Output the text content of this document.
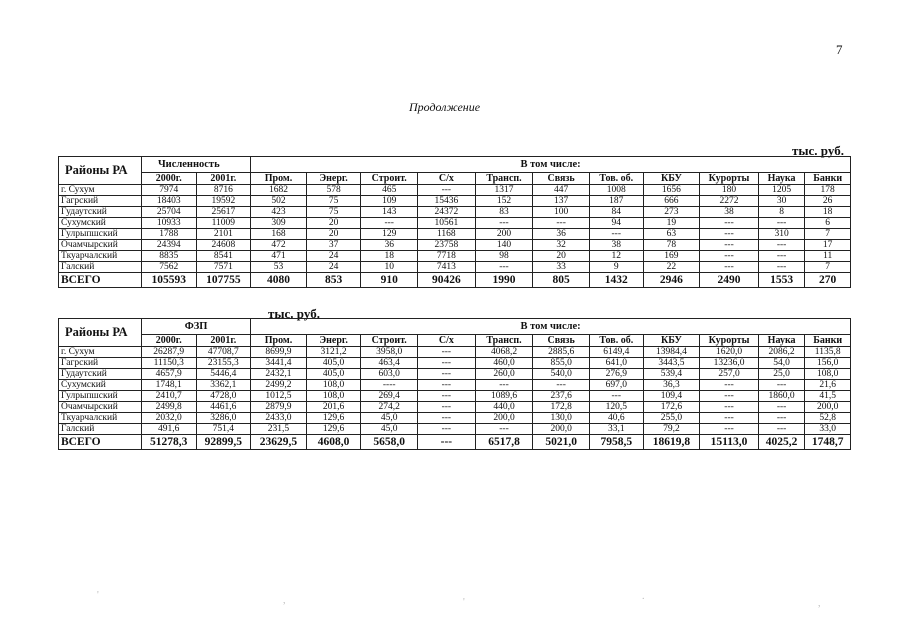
7
Продолжение
тыс. руб.
тыс. руб.
'	,	'
.
,
Районы РА	Численность		В том числе:										
	2000г.	2001г.	Пром.	Энерг.	Строит.	С/х	Трансп.	Связь	Тов. об.	КБУ	Курорты	Наука	Банки
г. Сухум	7974	8716	1682	578	465	---	1317	447	1008	1656	180	1205	178
Гагрский	18403	19592	502	75	109	15436	152	137	187	666	2272	30	26
Гудаутский	25704	25617	423	75	143	24372	83	100	84	273	38	8	18
Сухумский	10933	11009	309	20	---	10561	---	---	94	19	---	---	6
Гулрыпшский	1788	2101	168	20	129	1168	200	36	---	63	---	310	7
Очамчырский	24394	24608	472	37	36	23758	140	32	38	78	---	---	17
Ткуарчалский	8835	8541	471	24	18	7718	98	20	12	169	---	---	11
Галский	7562	7571	53	24	10	7413	---	33	9	22	---	---	7
ВСЕГО	105593	107755	4080	853	910	90426	1990	805	1432	2946	2490	1553	270
Районы РА	ФЗП		В том числе:										
	2000г.	2001г.	Пром.	Энерг.	Строит.	С/х	Трансп.	Связь	Тов. об.	КБУ	Курорты	Наука	Банки
г. Сухум	26287,9	47708,7	8699,9	3121,2	3958,0	---	4068,2	2885,6	6149,4	13984,4	1620,0	2086,2	1135,8
Гагрский	11150,3	23155,3	3441,4	405,0	463,4	---	460,0	855,0	641,0	3443,5	13236,0	54,0	156,0
Гудаутский	4657,9	5446,4	2432,1	405,0	603,0	---	260,0	540,0	276,9	539,4	257,0	25,0	108,0
Сухумский	1748,1	3362,1	2499,2	108,0	----	---	---	---	697,0	36,3	---	---	21,6
Гулрыпшский	2410,7	4728,0	1012,5	108,0	269,4	---	1089,6	237,6	---	109,4	---	1860,0	41,5
Очамчырский	2499,8	4461,6	2879,9	201,6	274,2	---	440,0	172,8	120,5	172,6	---	---	200,0
Ткуарчалский	2032,0	3286,0	2433,0	129,6	45,0	---	200,0	130,0	40,6	255,0	---	---	52,8
Галский	491,6	751,4	231,5	129,6	45,0	---	---	200,0	33,1	79,2	---	---	33,0
ВСЕГО	51278,3	92899,5	23629,5	4608,0	5658,0	---	6517,8	5021,0	7958,5	18619,8	15113,0	4025,2	1748,7
